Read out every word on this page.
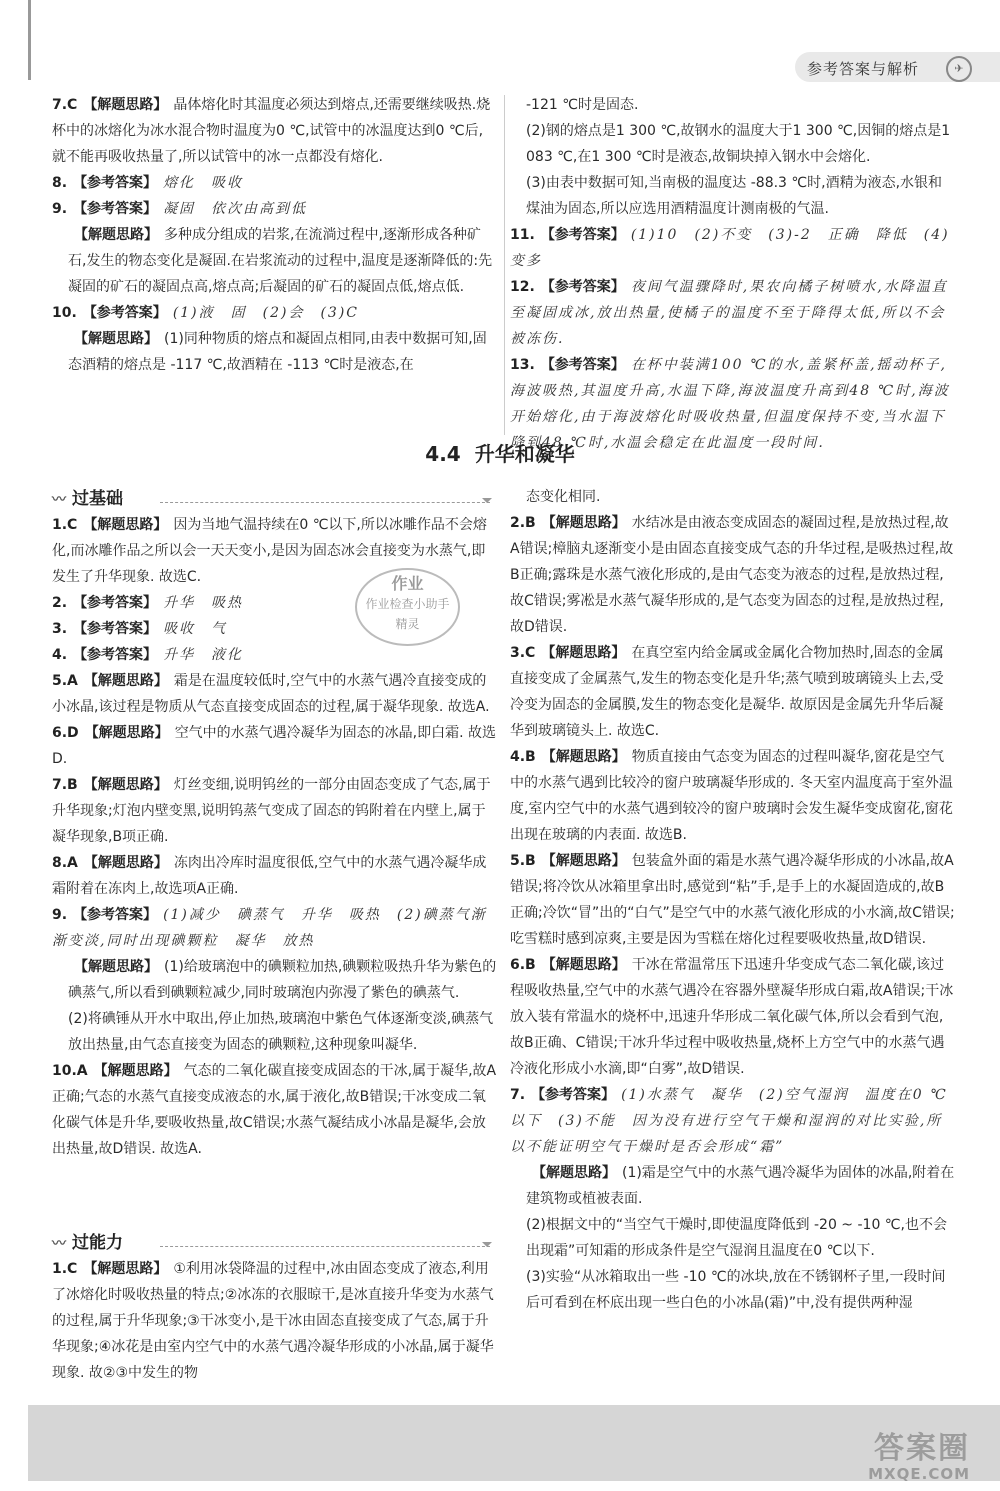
参考答案与解析	✈

7.C 【解题思路】 晶体熔化时其温度必须达到熔点,还需要继续吸热.烧杯中的冰熔化为冰水混合物时温度为0 ℃,试管中的冰温度达到0 ℃后,就不能再吸收热量了,所以试管中的冰一点都没有熔化.

8. 【参考答案】 熔化　吸收

9. 【参考答案】 凝固　依次由高到低

【解题思路】 多种成分组成的岩浆,在流淌过程中,逐渐形成各种矿石,发生的物态变化是凝固.在岩浆流动的过程中,温度是逐渐降低的:先凝固的矿石的凝固点高,熔点高;后凝固的矿石的凝固点低,熔点低.

10. 【参考答案】 (1)液　固　(2)会　(3)C

【解题思路】 (1)同种物质的熔点和凝固点相同,由表中数据可知,固态酒精的熔点是 -117 ℃,故酒精在 -113 ℃时是液态,在

-121 ℃时是固态.

(2)钢的熔点是1 300 ℃,故钢水的温度大于1 300 ℃,因铜的熔点是1 083 ℃,在1 300 ℃时是液态,故铜块掉入钢水中会熔化.

(3)由表中数据可知,当南极的温度达 -88.3 ℃时,酒精为液态,水银和煤油为固态,所以应选用酒精温度计测南极的气温.

11. 【参考答案】 (1)10　(2)不变　(3)-2　正确　降低　(4)变多

12. 【参考答案】 夜间气温骤降时,果农向橘子树喷水,水降温直至凝固成冰,放出热量,使橘子的温度不至于降得太低,所以不会被冻伤.

13. 【参考答案】 在杯中装满100 ℃的水,盖紧杯盖,摇动杯子,海波吸热,其温度升高,水温下降,海波温度升高到48 ℃时,海波开始熔化,由于海波熔化时吸收热量,但温度保持不变,当水温下降到48 ℃时,水温会稳定在此温度一段时间.

4.4 升华和凝华
〰 过基础

1.C 【解题思路】 因为当地气温持续在0 ℃以下,所以冰雕作品不会熔化,而冰雕作品之所以会一天天变小,是因为固态冰会直接变为水蒸气,即发生了升华现象. 故选C.

2. 【参考答案】 升华　吸热

3. 【参考答案】 吸收　气

4. 【参考答案】 升华　液化

5.A 【解题思路】 霜是在温度较低时,空气中的水蒸气遇冷直接变成的小冰晶,该过程是物质从气态直接变成固态的过程,属于凝华现象. 故选A.

6.D 【解题思路】 空气中的水蒸气遇冷凝华为固态的冰晶,即白霜. 故选D.

7.B 【解题思路】 灯丝变细,说明钨丝的一部分由固态变成了气态,属于升华现象;灯泡内壁变黑,说明钨蒸气变成了固态的钨附着在内壁上,属于凝华现象,B项正确.

8.A 【解题思路】 冻肉出冷库时温度很低,空气中的水蒸气遇冷凝华成霜附着在冻肉上,故选项A正确.

9. 【参考答案】 (1)减少　碘蒸气　升华　吸热　(2)碘蒸气渐渐变淡,同时出现碘颗粒　凝华　放热

【解题思路】 (1)给玻璃泡中的碘颗粒加热,碘颗粒吸热升华为紫色的碘蒸气,所以看到碘颗粒减少,同时玻璃泡内弥漫了紫色的碘蒸气.

(2)将碘锤从开水中取出,停止加热,玻璃泡中紫色气体逐渐变淡,碘蒸气放出热量,由气态直接变为固态的碘颗粒,这种现象叫凝华.

10.A 【解题思路】 气态的二氧化碳直接变成固态的干冰,属于凝华,故A正确;气态的水蒸气直接变成液态的水,属于液化,故B错误;干冰变成二氧化碳气体是升华,要吸收热量,故C错误;水蒸气凝结成小冰晶是凝华,会放出热量,故D错误. 故选A.

态变化相同.

2.B 【解题思路】 水结冰是由液态变成固态的凝固过程,是放热过程,故A错误;樟脑丸逐渐变小是由固态直接变成气态的升华过程,是吸热过程,故B正确;露珠是水蒸气液化形成的,是由气态变为液态的过程,是放热过程,故C错误;雾凇是水蒸气凝华形成的,是气态变为固态的过程,是放热过程,故D错误.

3.C 【解题思路】 在真空室内给金属或金属化合物加热时,固态的金属直接变成了金属蒸气,发生的物态变化是升华;蒸气喷到玻璃镜头上去,受冷变为固态的金属膜,发生的物态变化是凝华. 故原因是金属先升华后凝华到玻璃镜头上. 故选C.

4.B 【解题思路】 物质直接由气态变为固态的过程叫凝华,窗花是空气中的水蒸气遇到比较冷的窗户玻璃凝华形成的. 冬天室内温度高于室外温度,室内空气中的水蒸气遇到较冷的窗户玻璃时会发生凝华变成窗花,窗花出现在玻璃的内表面. 故选B.

5.B 【解题思路】 包装盒外面的霜是水蒸气遇冷凝华形成的小冰晶,故A错误;将冷饮从冰箱里拿出时,感觉到“粘”手,是手上的水凝固造成的,故B正确;冷饮“冒”出的“白气”是空气中的水蒸气液化形成的小水滴,故C错误;吃雪糕时感到凉爽,主要是因为雪糕在熔化过程要吸收热量,故D错误.

6.B 【解题思路】 干冰在常温常压下迅速升华变成气态二氧化碳,该过程吸收热量,空气中的水蒸气遇冷在容器外壁凝华形成白霜,故A错误;干冰放入装有常温水的烧杯中,迅速升华形成二氧化碳气体,所以会看到气泡,故B正确、C错误;干冰升华过程中吸收热量,烧杯上方空气中的水蒸气遇冷液化形成小水滴,即“白雾”,故D错误.

7. 【参考答案】 (1)水蒸气　凝华　(2)空气湿润　温度在0 ℃以下　(3)不能　因为没有进行空气干燥和湿润的对比实验,所以不能证明空气干燥时是否会形成“霜”

【解题思路】 (1)霜是空气中的水蒸气遇冷凝华为固体的冰晶,附着在建筑物或植被表面.

(2)根据文中的“当空气干燥时,即使温度降低到 -20 ~ -10 ℃,也不会出现霜”可知霜的形成条件是空气湿润且温度在0 ℃以下.

(3)实验“从冰箱取出一些 -10 ℃的冰块,放在不锈钢杯子里,一段时间后可看到在杯底出现一些白色的小冰晶(霜)”中,没有提供两种湿

作业
作业检查小助手
精灵
〰 过能力

1.C 【解题思路】 ①利用冰袋降温的过程中,冰由固态变成了液态,利用了冰熔化时吸收热量的特点;②冰冻的衣服晾干,是冰直接升华变为水蒸气的过程,属于升华现象;③干冰变小,是干冰由固态直接变成了气态,属于升华现象;④冰花是由室内空气中的水蒸气遇冷凝华形成的小冰晶,属于凝华现象. 故②③中发生的物

答案圈
MXQE.COM
